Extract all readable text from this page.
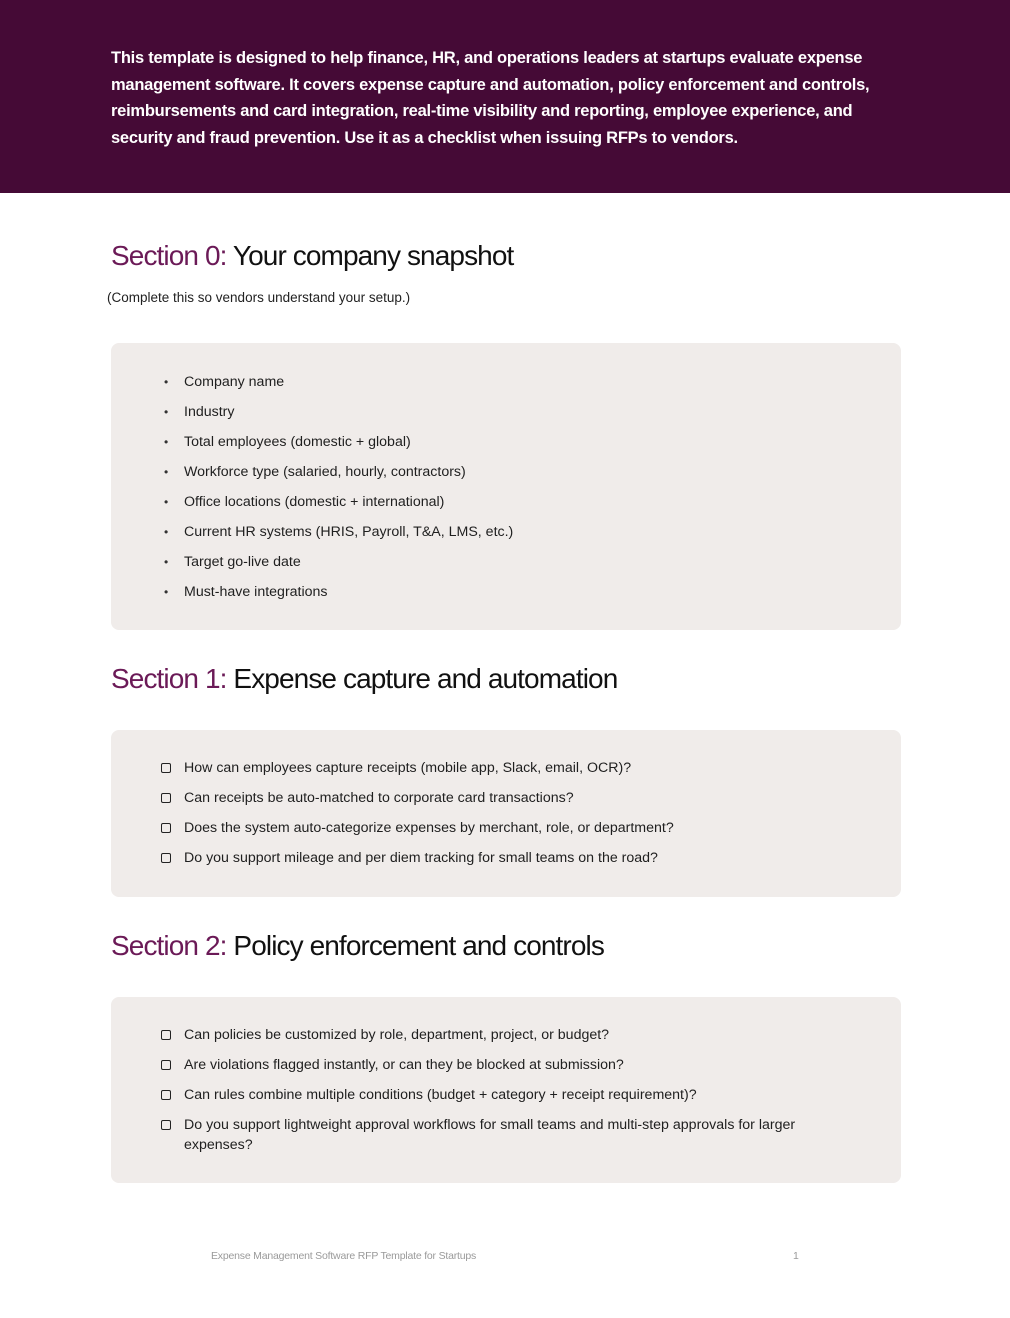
This template is designed to help finance, HR, and operations leaders at startups evaluate expense management software. It covers expense capture and automation, policy enforcement and controls, reimbursements and card integration, real-time visibility and reporting, employee experience, and security and fraud prevention. Use it as a checklist when issuing RFPs to vendors.

Section 0: Your company snapshot

(Complete this so vendors understand your setup.)

• Company name
• Industry
• Total employees (domestic + global)
• Workforce type (salaried, hourly, contractors)
• Office locations (domestic + international)
• Current HR systems (HRIS, Payroll, T&A, LMS, etc.)
• Target go-live date
• Must-have integrations
Section 1: Expense capture and automation
How can employees capture receipts (mobile app, Slack, email, OCR)?
Can receipts be auto-matched to corporate card transactions?
Does the system auto-categorize expenses by merchant, role, or department?
Do you support mileage and per diem tracking for small teams on the road?
Section 2: Policy enforcement and controls
Can policies be customized by role, department, project, or budget?
Are violations flagged instantly, or can they be blocked at submission?
Can rules combine multiple conditions (budget + category + receipt requirement)?
Do you support lightweight approval workflows for small teams and multi-step approvals for larger expenses?
Expense Management Software RFP Template for Startups	1
